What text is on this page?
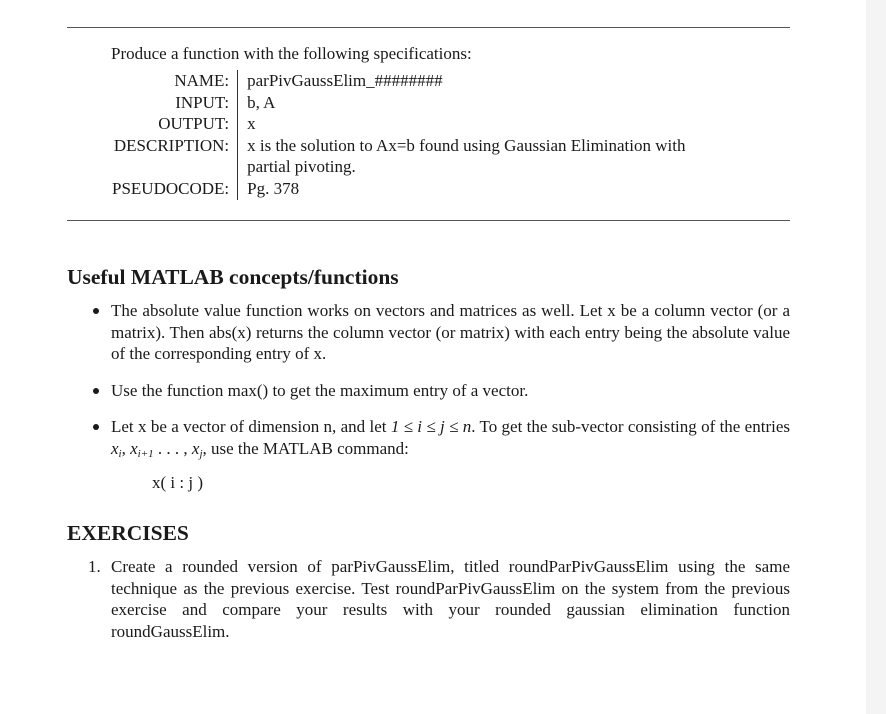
Produce a function with the following specifications:
NAME:	parPivGaussElim_########
INPUT:	b, A
OUTPUT:	x
DESCRIPTION:	x is the solution to Ax=b found using Gaussian Elimination with
partial pivoting.
PSEUDOCODE:	Pg. 378
Useful MATLAB concepts/functions
The absolute value function works on vectors and matrices as well. Let x be a column vector (or a matrix). Then abs(x) returns the column vector (or matrix) with each entry being the absolute value of the corresponding entry of x.
Use the function max() to get the maximum entry of a vector.
Let x be a vector of dimension n, and let 1 ≤ i ≤ j ≤ n. To get the sub-vector consisting of the entries $x_i$, $x_{i+1}$ . . . , $x_j$, use the MATLAB command:
x( i : j )
EXERCISES
1. Create a rounded version of parPivGaussElim, titled roundParPivGaussElim using the same technique as the previous exercise. Test roundParPivGaussElim on the system from the previous exercise and compare your results with your rounded gaussian elimination function roundGaussElim.
